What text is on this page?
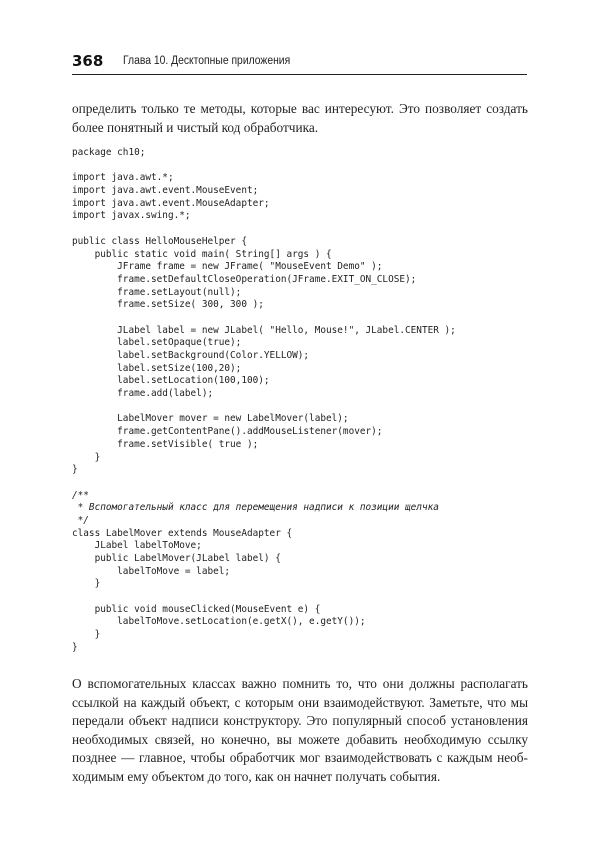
368 Глава 10. Десктопные приложения
определить только те методы, которые вас интересуют. Это позволяет создать
более понятный и чистый код обработчика.
package ch10;
import java.awt.*;
import java.awt.event.MouseEvent;
import java.awt.event.MouseAdapter;
import javax.swing.*;
public class HelloMouseHelper {
public static void main( String[] args ) {
JFrame frame = new JFrame( "MouseEvent Demo" );
frame.setDefaultCloseOperation(JFrame.EXIT_ON_CLOSE);
frame.setLayout(null);
frame.setSize( 300, 300 );
JLabel label = new JLabel( "Hello, Mouse!", JLabel.CENTER );
label.setOpaque(true);
label.setBackground(Color.YELLOW);
label.setSize(100,20);
label.setLocation(100,100);
frame.add(label);
LabelMover mover = new LabelMover(label);
frame.getContentPane().addMouseListener(mover);
frame.setVisible( true );
}
}
/**
* Вспомогательный класс для перемещения надписи к позиции щелчка
*/
class LabelMover extends MouseAdapter {
JLabel labelToMove;
public LabelMover(JLabel label) {
labelToMove = label;
}
public void mouseClicked(MouseEvent e) {
labelToMove.setLocation(e.getX(), e.getY());
}
}
О вспомогательных классах важно помнить то, что они должны располагать
ссылкой на каждый объект, с которым они взаимодействуют. Заметьте, что мы
передали объект надписи конструктору. Это популярный способ установления
необходимых связей, но конечно, вы можете добавить необходимую ссылку
позднее — главное, чтобы обработчик мог взаимодействовать с каждым необ-
ходимым ему объектом до того, как он начнет получать события.
